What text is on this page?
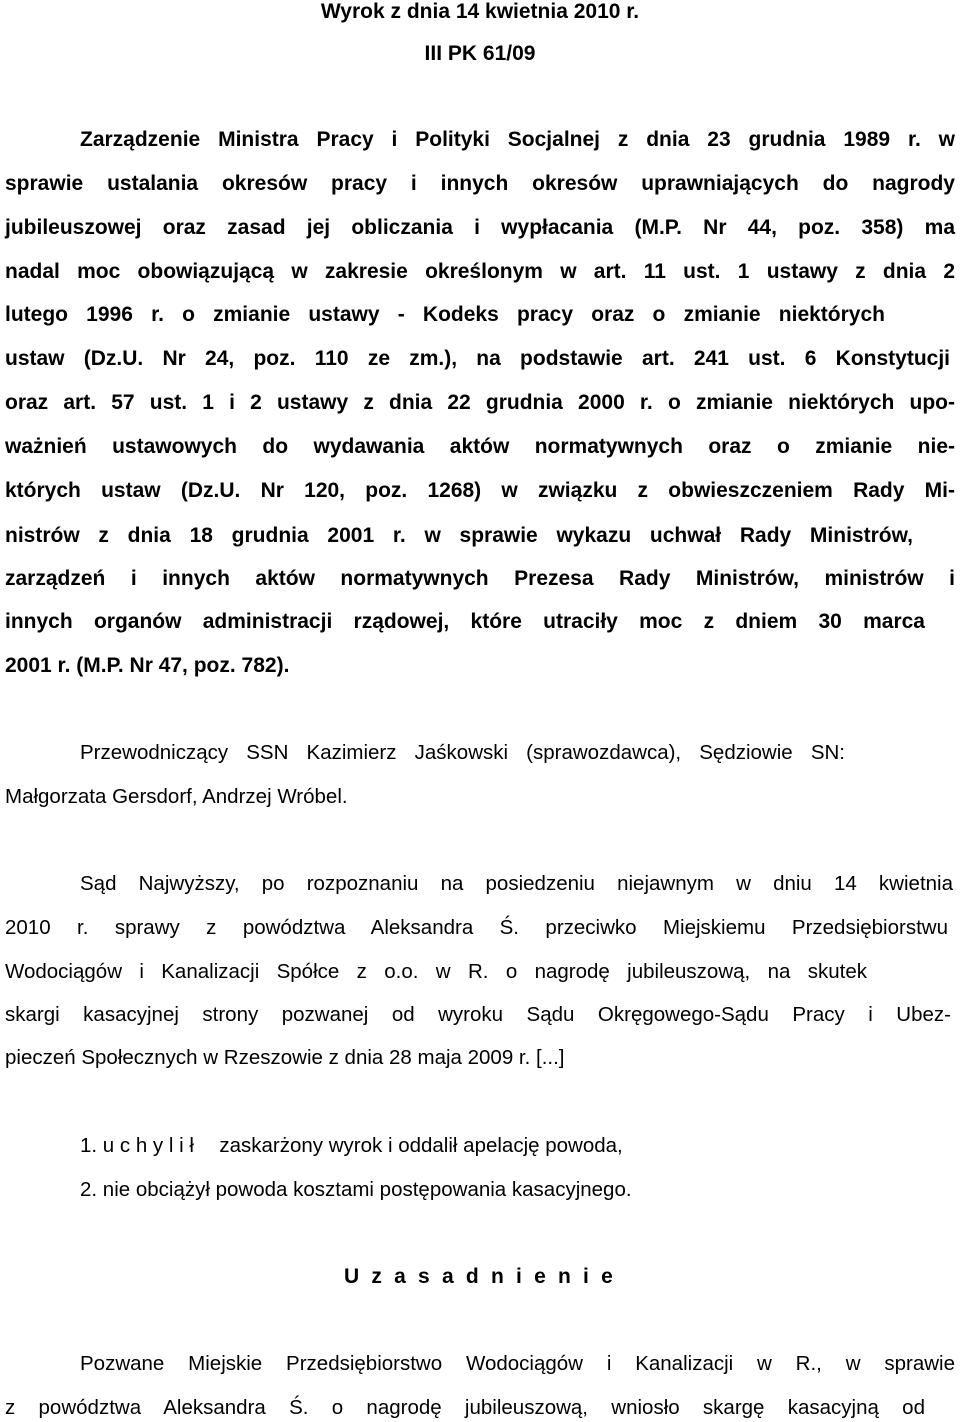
Wyrok z dnia 14 kwietnia 2010 r.
III PK 61/09
Zarządzenie Ministra Pracy i Polityki Socjalnej z dnia 23 grudnia 1989 r. w
sprawie ustalania okresów pracy i innych okresów uprawniających do nagrody
jubileuszowej oraz zasad jej obliczania i wypłacania (M.P. Nr 44, poz. 358) ma
nadal moc obowiązującą w zakresie określonym w art. 11 ust. 1 ustawy z dnia 2
lutego 1996 r. o zmianie ustawy - Kodeks pracy oraz o zmianie niektórych
ustaw (Dz.U. Nr 24, poz. 110 ze zm.), na podstawie art. 241 ust. 6 Konstytucji
oraz art. 57 ust. 1 i 2 ustawy z dnia 22 grudnia 2000 r. o zmianie niektórych upo-
ważnień ustawowych do wydawania aktów normatywnych oraz o zmianie nie-
których ustaw (Dz.U. Nr 120, poz. 1268) w związku z obwieszczeniem Rady Mi-
nistrów z dnia 18 grudnia 2001 r. w sprawie wykazu uchwał Rady Ministrów,
zarządzeń i innych aktów normatywnych Prezesa Rady Ministrów, ministrów i
innych organów administracji rządowej, które utraciły moc z dniem 30 marca
2001 r. (M.P. Nr 47, poz. 782).
Przewodniczący SSN Kazimierz Jaśkowski (sprawozdawca), Sędziowie SN:
Małgorzata Gersdorf, Andrzej Wróbel.
Sąd Najwyższy, po rozpoznaniu na posiedzeniu niejawnym w dniu 14 kwietnia
2010 r. sprawy z powództwa Aleksandra Ś. przeciwko Miejskiemu Przedsiębiorstwu
Wodociągów i Kanalizacji Spółce z o.o. w R. o nagrodę jubileuszową, na skutek
skargi kasacyjnej strony pozwanej od wyroku Sądu Okręgowego-Sądu Pracy i Ubez-
pieczeń Społecznych w Rzeszowie z dnia 28 maja 2009 r. [...]
1. u c h y l i ł zaskarżony wyrok i oddalił apelację powoda,
2. nie obciążył powoda kosztami postępowania kasacyjnego.
U z a s a d n i e n i e
Pozwane Miejskie Przedsiębiorstwo Wodociągów i Kanalizacji w R., w sprawie
z powództwa Aleksandra Ś. o nagrodę jubileuszową, wniosło skargę kasacyjną od
